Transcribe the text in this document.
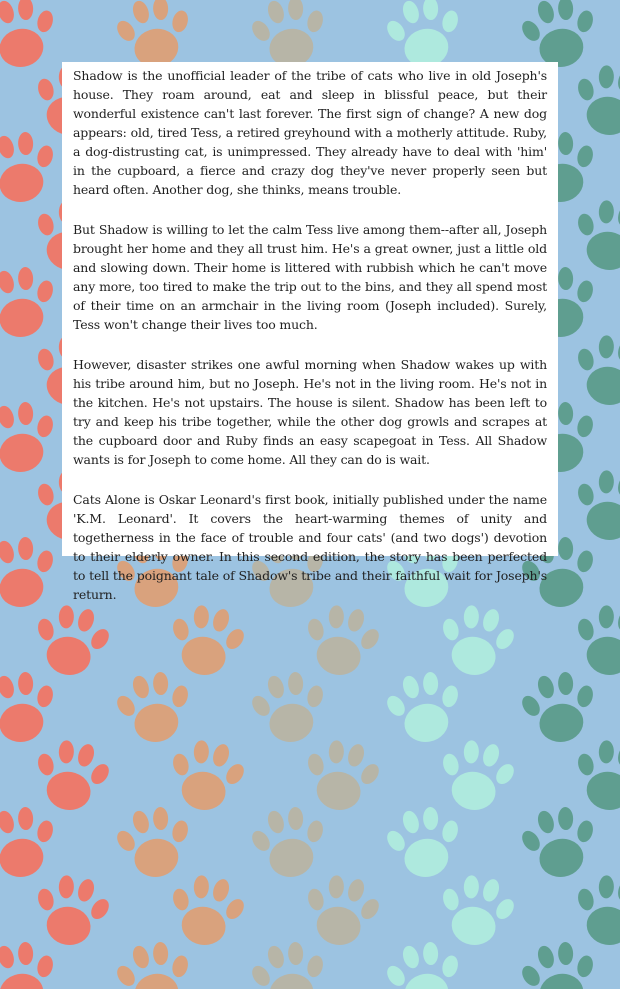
Shadow is the unofficial leader of the tribe of cats who live in old Joseph's house. They roam around, eat and sleep in blissful peace, but their wonderful existence can't last forever. The first sign of change? A new dog appears: old, tired Tess, a retired greyhound with a motherly attitude. Ruby, a dog-distrusting cat, is unimpressed. They already have to deal with 'him' in the cupboard, a fierce and crazy dog they've never properly seen but heard often. Another dog, she thinks, means trouble.

But Shadow is willing to let the calm Tess live among them--after all, Joseph brought her home and they all trust him. He's a great owner, just a little old and slowing down. Their home is littered with rubbish which he can't move any more, too tired to make the trip out to the bins, and they all spend most of their time on an armchair in the living room (Joseph included). Surely, Tess won't change their lives too much.

However, disaster strikes one awful morning when Shadow wakes up with his tribe around him, but no Joseph. He's not in the living room. He's not in the kitchen. He's not upstairs. The house is silent. Shadow has been left to try and keep his tribe together, while the other dog growls and scrapes at the cupboard door and Ruby finds an easy scapegoat in Tess. All Shadow wants is for Joseph to come home. All they can do is wait.

Cats Alone is Oskar Leonard's first book, initially published under the name 'K.M. Leonard'. It covers the heart-warming themes of unity and togetherness in the face of trouble and four cats' (and two dogs') devotion to their elderly owner. In this second edition, the story has been perfected to tell the poignant tale of Shadow's tribe and their faithful wait for Joseph's return.
